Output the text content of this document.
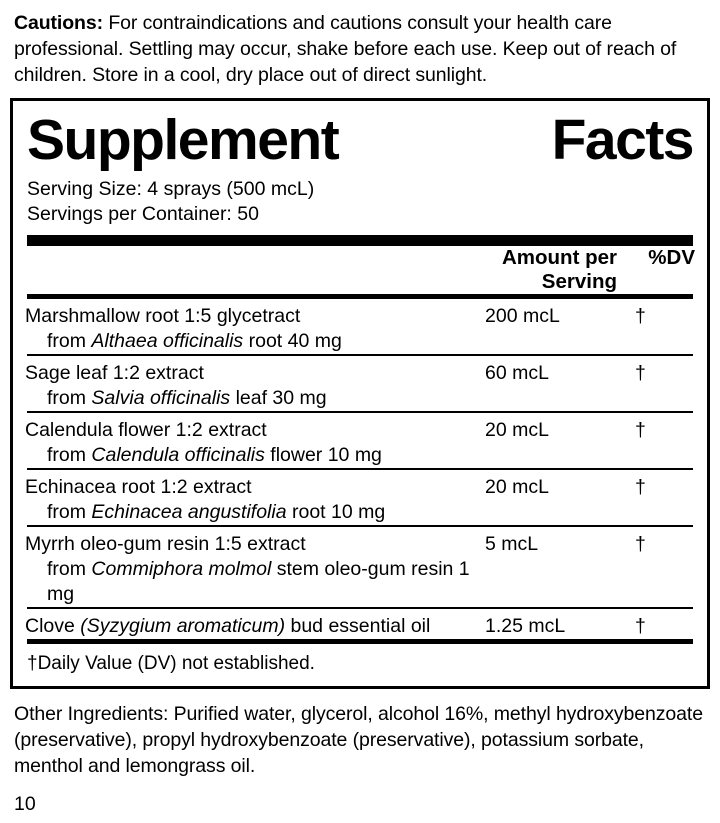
Cautions: For contraindications and cautions consult your health care professional. Settling may occur, shake before each use. Keep out of reach of children. Store in a cool, dry place out of direct sunlight.
Supplement	Facts
Serving Size: 4 sprays (500 mcL)
Servings per Container: 50
	Amount per Serving	%DV
Marshmallow root 1:5 glycetract
from Althaea officinalis root 40 mg
	200 mcL	†
Sage leaf 1:2 extract
from Salvia officinalis leaf 30 mg
	60 mcL	†
Calendula flower 1:2 extract
from Calendula officinalis flower 10 mg
	20 mcL	†
Echinacea root 1:2 extract
from Echinacea angustifolia root 10 mg
	20 mcL	†
Myrrh oleo-gum resin 1:5 extract
from Commiphora molmol stem oleo-gum resin 1 mg
	5 mcL	†
Clove (Syzygium aromaticum) bud essential oil	1.25 mcL	†
†Daily Value (DV) not established.
Other Ingredients: Purified water, glycerol, alcohol 16%, methyl hydroxybenzoate (preservative), propyl hydroxybenzoate (preservative), potassium sorbate, menthol and lemongrass oil.
10
